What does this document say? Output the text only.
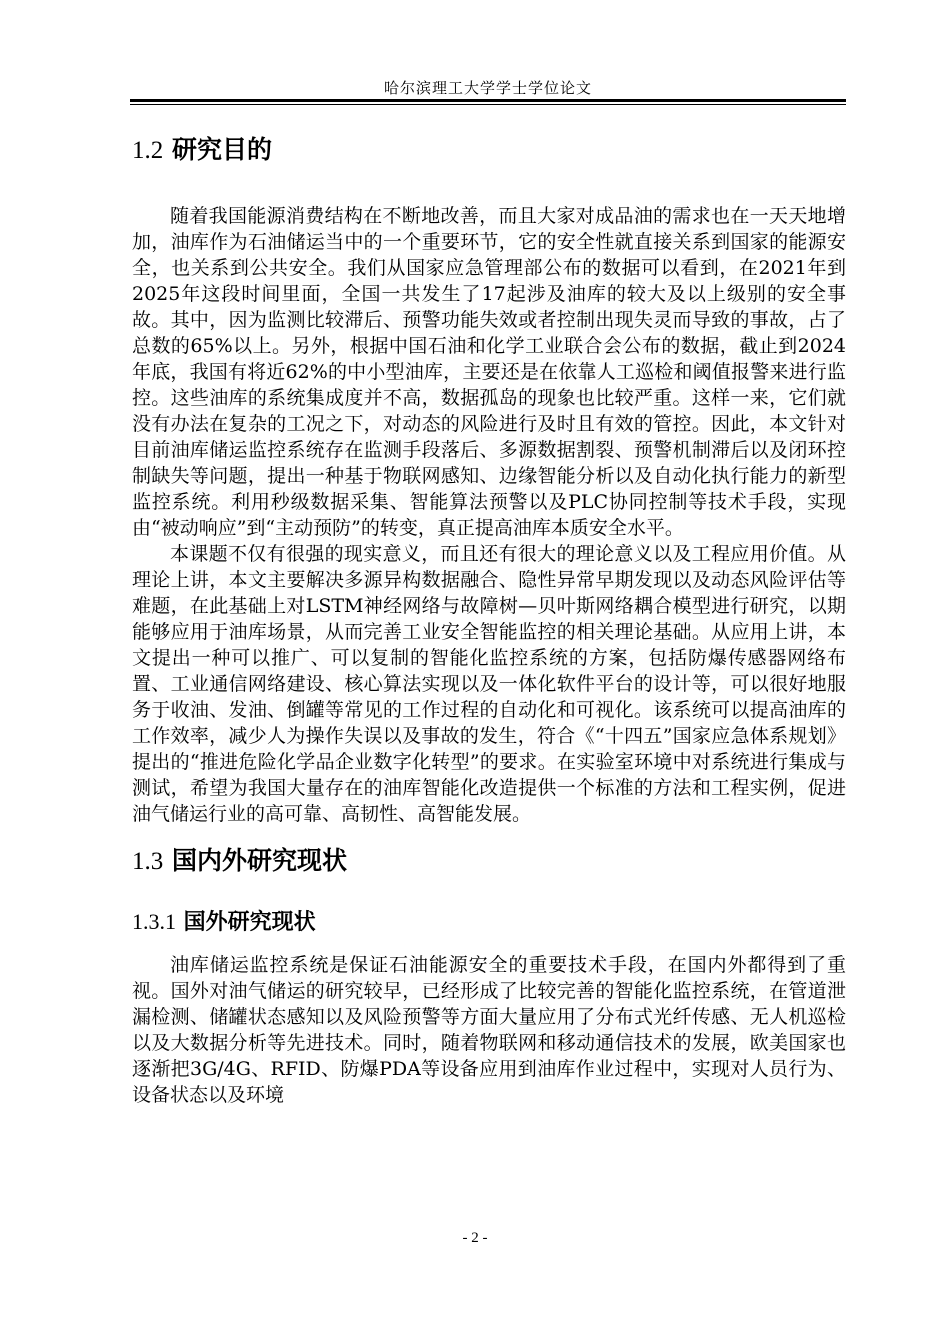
哈尔滨理工大学学士学位论文
1.2 研究目的

随着我国能源消费结构在不断地改善，而且大家对成品油的需求也在一天天地增加，油库作为石油储运当中的一个重要环节，它的安全性就直接关系到国家的能源安全，也关系到公共安全。我们从国家应急管理部公布的数据可以看到，在2021年到2025年这段时间里面，全国一共发生了17起涉及油库的较大及以上级别的安全事故。其中，因为监测比较滞后、预警功能失效或者控制出现失灵而导致的事故，占了总数的65%以上。另外，根据中国石油和化学工业联合会公布的数据，截止到2024年底，我国有将近62%的中小型油库，主要还是在依靠人工巡检和阈值报警来进行监控。这些油库的系统集成度并不高，数据孤岛的现象也比较严重。这样一来，它们就没有办法在复杂的工况之下，对动态的风险进行及时且有效的管控。因此，本文针对目前油库储运监控系统存在监测手段落后、多源数据割裂、预警机制滞后以及闭环控制缺失等问题，提出一种基于物联网感知、边缘智能分析以及自动化执行能力的新型监控系统。利用秒级数据采集、智能算法预警以及PLC协同控制等技术手段，实现由“被动响应”到“主动预防”的转变，真正提高油库本质安全水平。

本课题不仅有很强的现实意义，而且还有很大的理论意义以及工程应用价值。从理论上讲，本文主要解决多源异构数据融合、隐性异常早期发现以及动态风险评估等难题，在此基础上对LSTM神经网络与故障树—贝叶斯网络耦合模型进行研究，以期能够应用于油库场景，从而完善工业安全智能监控的相关理论基础。从应用上讲，本文提出一种可以推广、可以复制的智能化监控系统的方案，包括防爆传感器网络布置、工业通信网络建设、核心算法实现以及一体化软件平台的设计等，可以很好地服务于收油、发油、倒罐等常见的工作过程的自动化和可视化。该系统可以提高油库的工作效率，减少人为操作失误以及事故的发生，符合《“十四五”国家应急体系规划》提出的“推进危险化学品企业数字化转型”的要求。在实验室环境中对系统进行集成与测试，希望为我国大量存在的油库智能化改造提供一个标准的方法和工程实例，促进油气储运行业的高可靠、高韧性、高智能发展。

1.3 国内外研究现状
1.3.1 国外研究现状

油库储运监控系统是保证石油能源安全的重要技术手段，在国内外都得到了重视。国外对油气储运的研究较早，已经形成了比较完善的智能化监控系统，在管道泄漏检测、储罐状态感知以及风险预警等方面大量应用了分布式光纤传感、无人机巡检以及大数据分析等先进技术。同时，随着物联网和移动通信技术的发展，欧美国家也逐渐把3G/4G、RFID、防爆PDA等设备应用到油库作业过程中，实现对人员行为、设备状态以及环境

- 2 -
